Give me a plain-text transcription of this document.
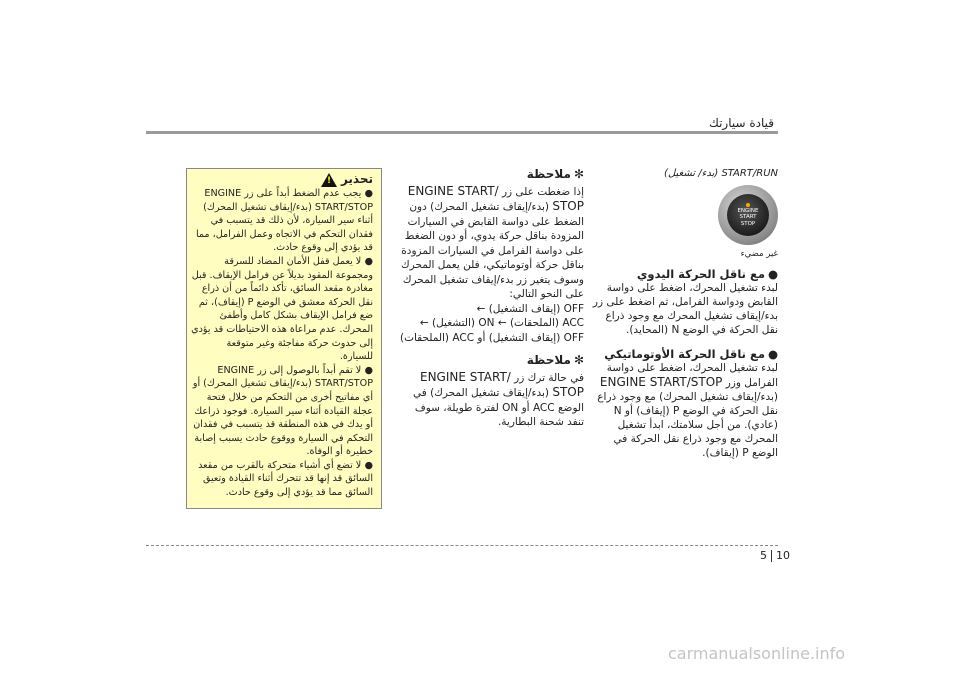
قيادة سيارتك

START/RUN (بدء/ تشغيل)

ENGINE
START
STOP

غير مضيء

●مع ناقل الحركة اليدوي

لبدء تشغيل المحرك، اضغط على دواسة القابض ودواسة الفرامل، ثم اضغط على زر بدء/إيقاف تشغيل المحرك مع وجود ذراع نقل الحركة في الوضع N (المحايد).

●مع ناقل الحركة الأوتوماتيكي

لبدء تشغيل المحرك، اضغط على دواسة الفرامل وزر ENGINE START/STOP (بدء/إيقاف تشغيل المحرك) مع وجود ذراع نقل الحركة في الوضع P (إيقاف) أو N (عادي). من أجل سلامتك، ابدأ تشغيل المحرك مع وجود ذراع نقل الحركة في الوضع P (إيقاف).

✻ملاحظة

إذا ضغطت على زر ENGINE START/ STOP (بدء/إيقاف تشغيل المحرك) دون الضغط على دواسة القابض في السيارات المزودة بناقل حركة يدوي، أو دون الضغط على دواسة الفرامل في السيارات المزودة بناقل حركة أوتوماتيكي، فلن يعمل المحرك وسوف يتغير زر بدء/إيقاف تشغيل المحرك على النحو التالي:

OFF (إيقاف التشغيل) ←

ACC (الملحقات) ← ON (التشغيل) ←

OFF (إيقاف التشغيل) أو ACC (الملحقات)

✻ملاحظة

في حالة ترك زر ENGINE START/ STOP (بدء/إيقاف تشغيل المحرك) في الوضع ACC أو ON لفترة طويلة، سوف تنفد شحنة البطارية.

تحذير
!

● يجب عدم الضغط أبداً على زر ENGINE START/STOP (بدء/إيقاف تشغيل المحرك) أثناء سير السيارة، لأن ذلك قد يتسبب في فقدان التحكم في الاتجاه وعمل الفرامل، مما قد يؤدي إلى وقوع حادث.

● لا يعمل قفل الأمان المضاد للسرقة ومجموعة المقود بديلاً عن فرامل الإيقاف. قبل مغادرة مقعد السائق، تأكد دائماً من أن ذراع نقل الحركة معشق في الوضع P (إيقاف)، ثم ضع فرامل الإيقاف بشكل كامل وأطفئ المحرك. عدم مراعاة هذه الاحتياطات قد يؤدي إلى حدوث حركة مفاجئة وغير متوقعة للسيارة.

● لا تقم أبداً بالوصول إلى زر ENGINE START/STOP (بدء/إيقاف تشغيل المحرك) أو أي مفاتيح أخرى من التحكم من خلال فتحة عجلة القيادة أثناء سير السيارة. فوجود ذراعك أو يدك في هذه المنطقة قد يتسبب في فقدان التحكم في السيارة ووقوع حادث يسبب إصابة خطيرة أو الوفاة.

● لا تضع أي أشياء متحركة بالقرب من مقعد السائق قد إنها قد تتحرك أثناء القيادة وتعيق السائق مما قد يؤدي إلى وقوع حادث.

5 10
carmanualsonline.info
